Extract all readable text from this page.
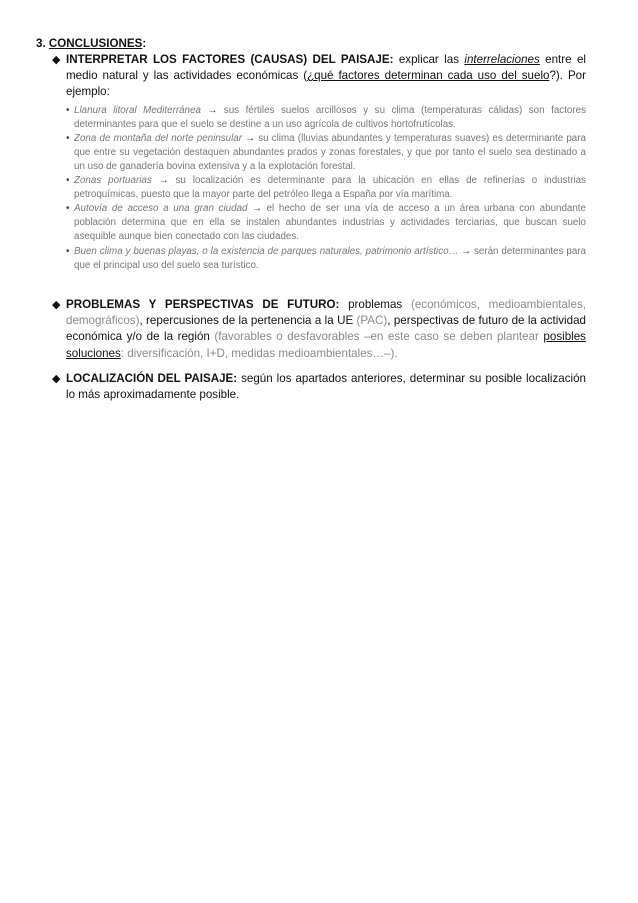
3. CONCLUSIONES:
◆ INTERPRETAR LOS FACTORES (CAUSAS) DEL PAISAJE: explicar las interrelaciones entre el medio natural y las actividades económicas (¿qué factores determinan cada uso del suelo?). Por ejemplo:
• Llanura litoral Mediterránea → sus fértiles suelos arcillosos y su clima (temperaturas cálidas) son factores determinantes para que el suelo se destine a un uso agrícola de cultivos hortofrutícolas.
• Zona de montaña del norte peninsular → su clima (lluvias abundantes y temperaturas suaves) es determinante para que entre su vegetación destaquen abundantes prados y zonas forestales, y que por tanto el suelo sea destinado a un uso de ganadería bovina extensiva y a la explotación forestal.
• Zonas portuarias → su localización es determinante para la ubicación en ellas de refinerías o industrias petroquímicas, puesto que la mayor parte del petróleo llega a España por vía marítima.
• Autovía de acceso a una gran ciudad → el hecho de ser una vía de acceso a un área urbana con abundante población determina que en ella se instalen abundantes industrias y actividades terciarias, que buscan suelo asequible aunque bien conectado con las ciudades.
• Buen clima y buenas playas, o la existencia de parques naturales, patrimonio artístico… → serán determinantes para que el principal uso del suelo sea turístico.
◆ PROBLEMAS Y PERSPECTIVAS DE FUTURO: problemas (económicos, medioambientales, demográficos), repercusiones de la pertenencia a la UE (PAC), perspectivas de futuro de la actividad económica y/o de la región (favorables o desfavorables –en este caso se deben plantear posibles soluciones: diversificación, I+D, medidas medioambientales…–).
◆ LOCALIZACIÓN DEL PAISAJE: según los apartados anteriores, determinar su posible localización lo más aproximadamente posible.
